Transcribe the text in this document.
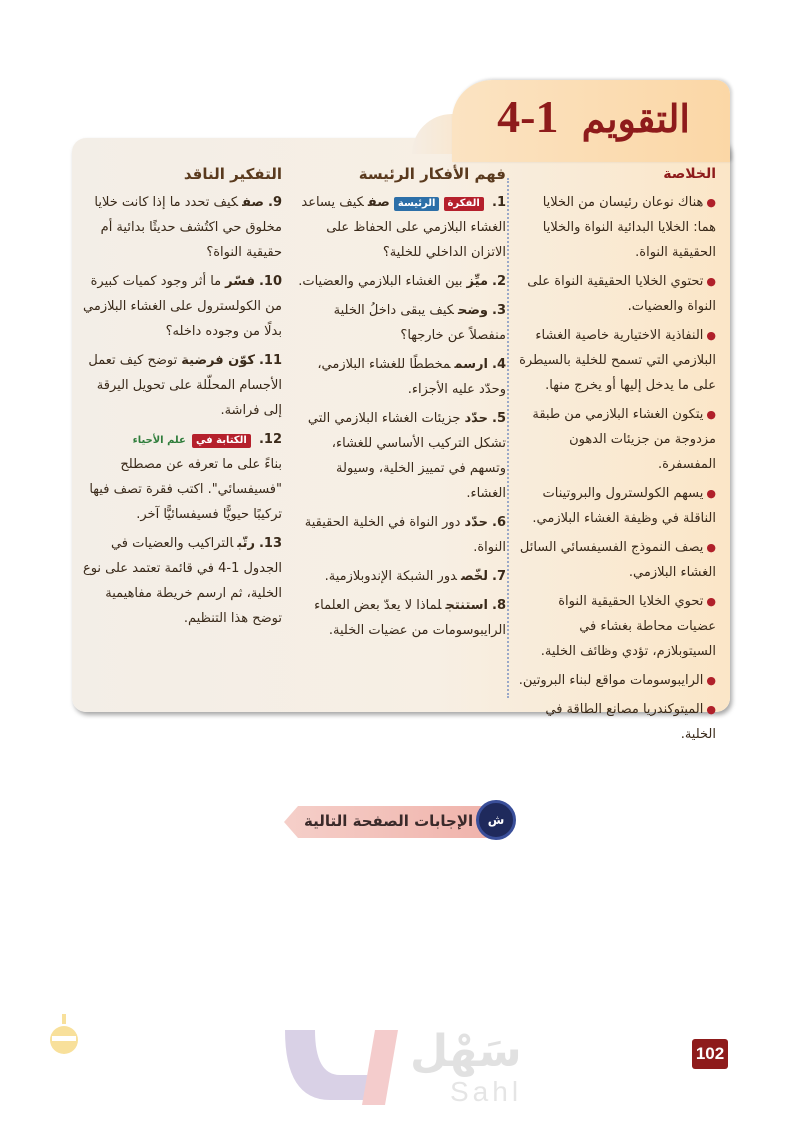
التقويم 1-4
الخلاصة
●هناك نوعان رئيسان من الخلايا هما: الخلايا البدائية النواة والخلايا الحقيقية النواة.
●تحتوي الخلايا الحقيقية النواة على النواة والعضيات.
●النفاذية الاختيارية خاصية الغشاء البلازمي التي تسمح للخلية بالسيطرة على ما يدخل إليها أو يخرج منها.
●يتكون الغشاء البلازمي من طبقة مزدوجة من جزيئات الدهون المفسفرة.
●يسهم الكولسترول والبروتينات الناقلة في وظيفة الغشاء البلازمي.
●يصف النموذج الفسيفسائي السائل الغشاء البلازمي.
●تحوي الخلايا الحقيقية النواة عضيات محاطة بغشاء في السيتوبلازم، تؤدي وظائف الخلية.
●الرايبوسومات مواقع لبناء البروتين.
●الميتوكندريا مصانع الطاقة في الخلية.
فهم الأفكار الرئيسة
1. الفكرة الرئيسة صفكيف يساعد الغشاء البلازمي على الحفاظ على الاتزان الداخلي للخلية؟
2.ميِّزبين الغشاء البلازمي والعضيات.
3.وضحكيف يبقى داخلُ الخلية منفصلاً عن خارجها؟
4.ارسممخططًا للغشاء البلازمي، وحدّد عليه الأجزاء.
5.حدّدجزيئات الغشاء البلازمي التي تشكل التركيب الأساسي للغشاء، وتسهم في تمييز الخلية، وسيولة الغشاء.
6.حدّددور النواة في الخلية الحقيقية النواة.
7.لخّصدور الشبكة الإندوبلازمية.
8.استنتجلماذا لا يعدّ بعض العلماء الرايبوسومات من عضيات الخلية.
التفكير الناقد
9.صفكيف تحدد ما إذا كانت خلايا مخلوق حي اكتُشف حديثًا بدائية أم حقيقية النواة؟
10.فسّرما أثر وجود كميات كبيرة من الكولسترول على الغشاء البلازمي بدلًا من وجوده داخله؟
11.كوّن فرضيةتوضح كيف تعمل الأجسام المحلّلة على تحويل اليرقة إلى فراشة.
12. الكتابة في علم الأحياء
بناءً على ما تعرفه عن مصطلح "فسيفسائي". اكتب فقرة تصف فيها تركيبًا حيويًّا فسيفسائيًّا آخر.
13.رتّبالتراكيب والعضيات في الجدول 1-4 في قائمة تعتمد على نوع الخلية، ثم ارسم خريطة مفاهيمية توضح هذا التنظيم.
الإجابات الصفحة التالية	ش
سَهْل
Sahl
102
